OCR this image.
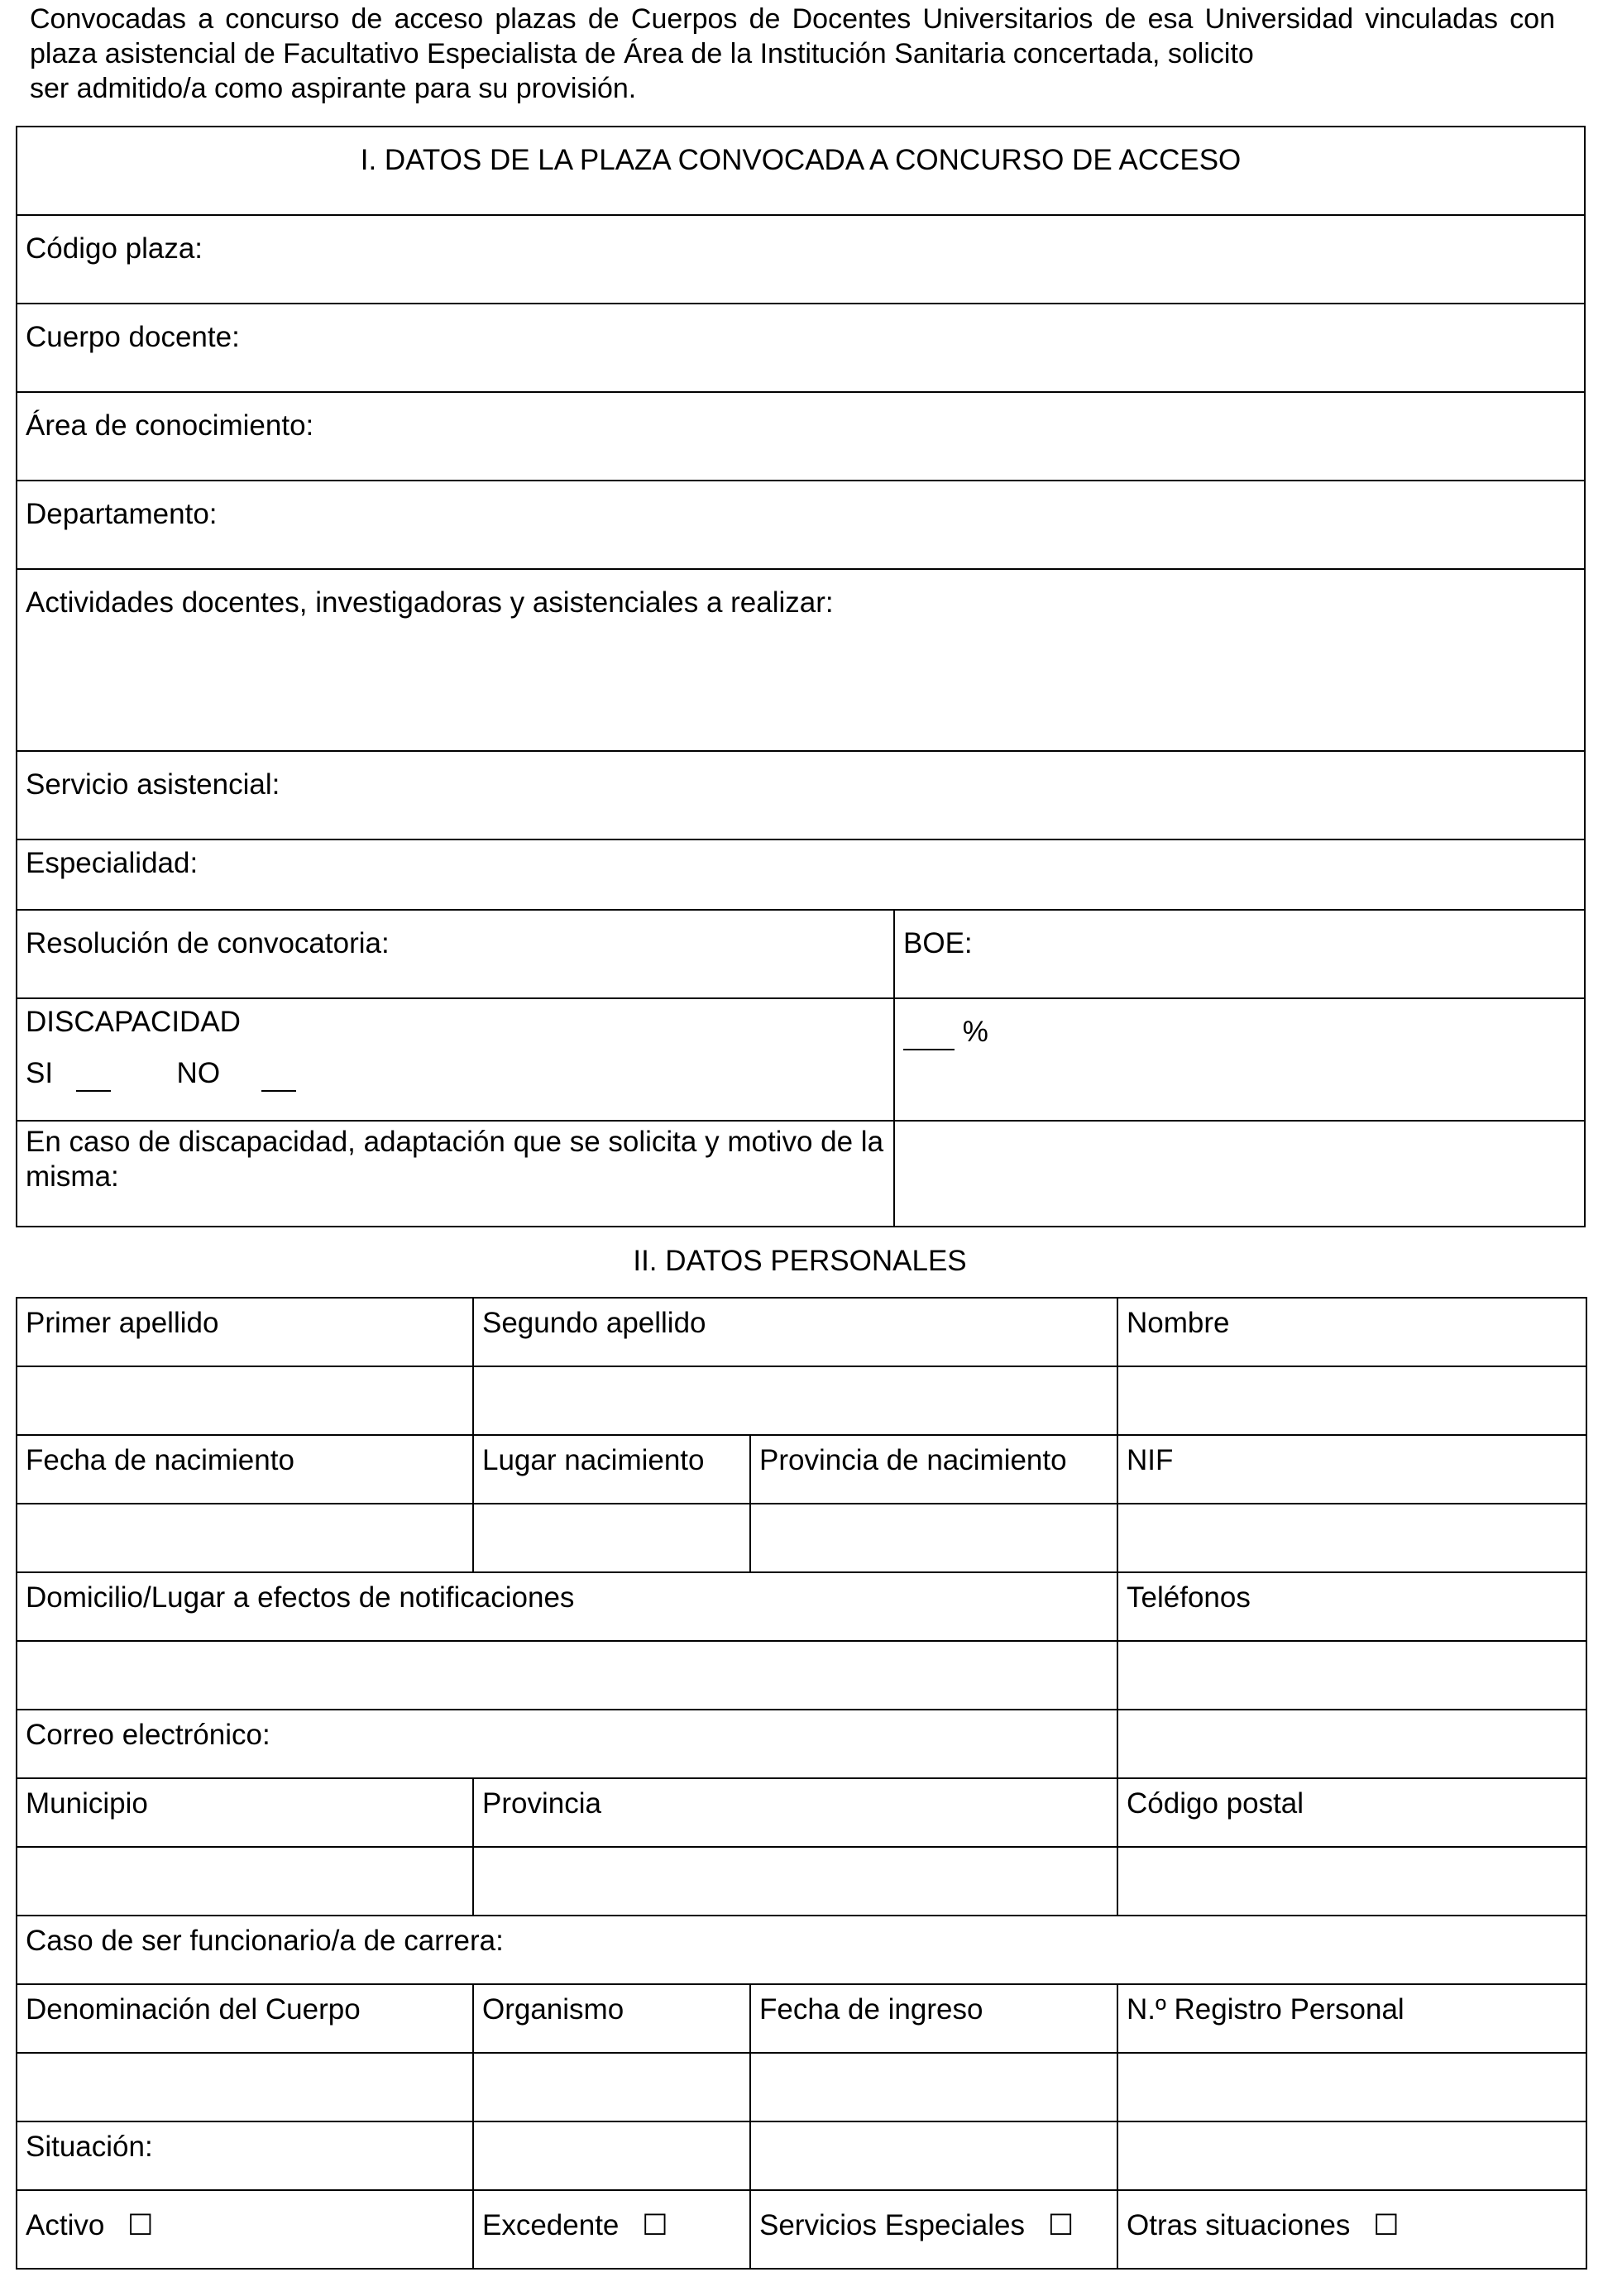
Convocadas a concurso de acceso plazas de Cuerpos de Docentes Universitarios de esa Universidad vinculadas con plaza asistencial de Facultativo Especialista de Área de la Institución Sanitaria concertada, solicito
ser admitido/a como aspirante para su provisión.
I. DATOS DE LA PLAZA CONVOCADA A CONCURSO DE ACCESO	
Código plaza:	
Cuerpo docente:	
Área de conocimiento:	
Departamento:	
Actividades docentes, investigadoras y asistenciales a realizar:	
Servicio asistencial:	
Especialidad:	
Resolución de convocatoria:	BOE:

DISCAPACIDAD
SI NO	%
En caso de discapacidad, adaptación que se solicita y motivo de la misma:	
II. DATOS PERSONALES
Primer apellido	Segundo apellido		Nombre

Fecha de nacimiento	Lugar nacimiento	Provincia de nacimiento	NIF

Domicilio/Lugar a efectos de notificaciones			Teléfonos

Correo electrónico:			
Municipio	Provincia		Código postal

Caso de ser funcionario/a de carrera:			
Denominación del Cuerpo	Organismo	Fecha de ingreso	N.º Registro Personal

Situación:			
Activo ☐	Excedente ☐	Servicios Especiales ☐	Otras situaciones ☐
